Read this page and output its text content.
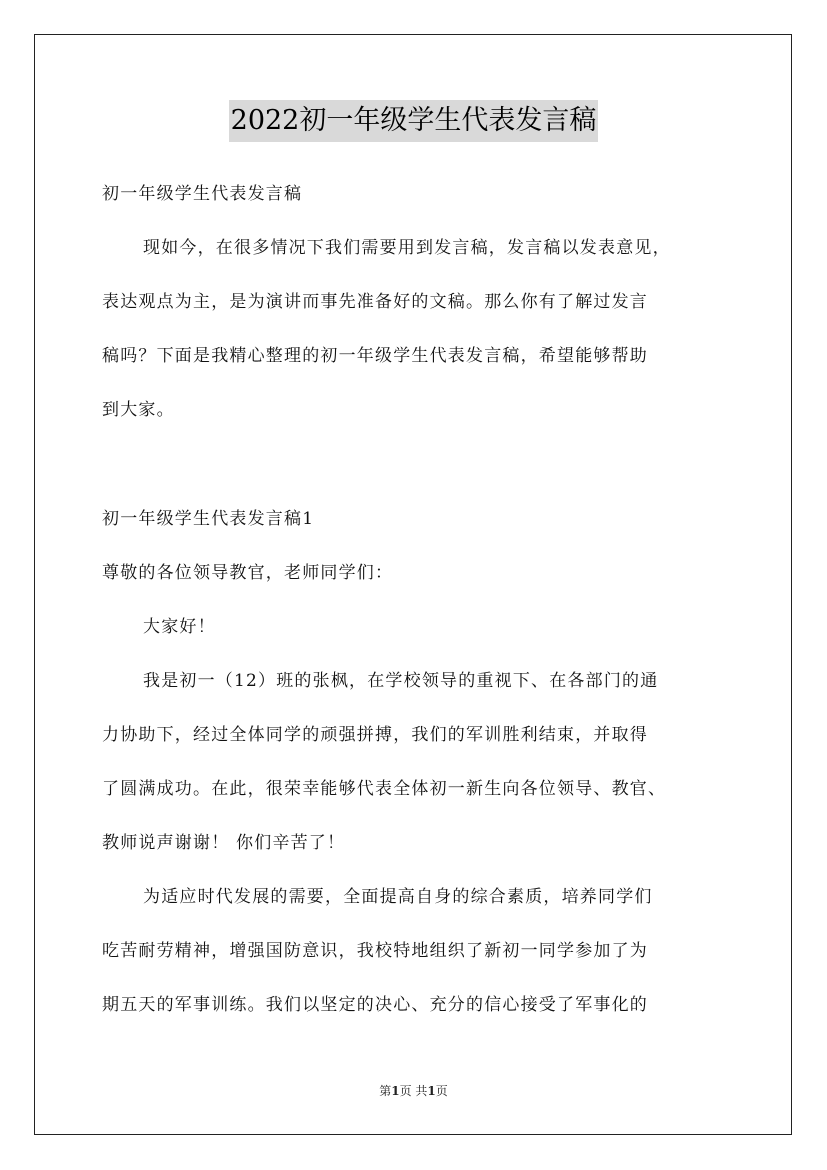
2022初一年级学生代表发言稿
初一年级学生代表发言稿
现如今，在很多情况下我们需要用到发言稿，发言稿以发表意见，
表达观点为主，是为演讲而事先准备好的文稿。那么你有了解过发言
稿吗？下面是我精心整理的初一年级学生代表发言稿，希望能够帮助
到大家。
初一年级学生代表发言稿1
尊敬的各位领导教官，老师同学们：
大家好！
我是初一（12）班的张枫，在学校领导的重视下、在各部门的通
力协助下，经过全体同学的顽强拼搏，我们的军训胜利结束，并取得
了圆满成功。在此，很荣幸能够代表全体初一新生向各位领导、教官、
教师说声谢谢！ 你们辛苦了！
为适应时代发展的需要，全面提高自身的综合素质，培养同学们
吃苦耐劳精神，增强国防意识，我校特地组织了新初一同学参加了为
期五天的军事训练。我们以坚定的决心、充分的信心接受了军事化的
第1页 共1页
